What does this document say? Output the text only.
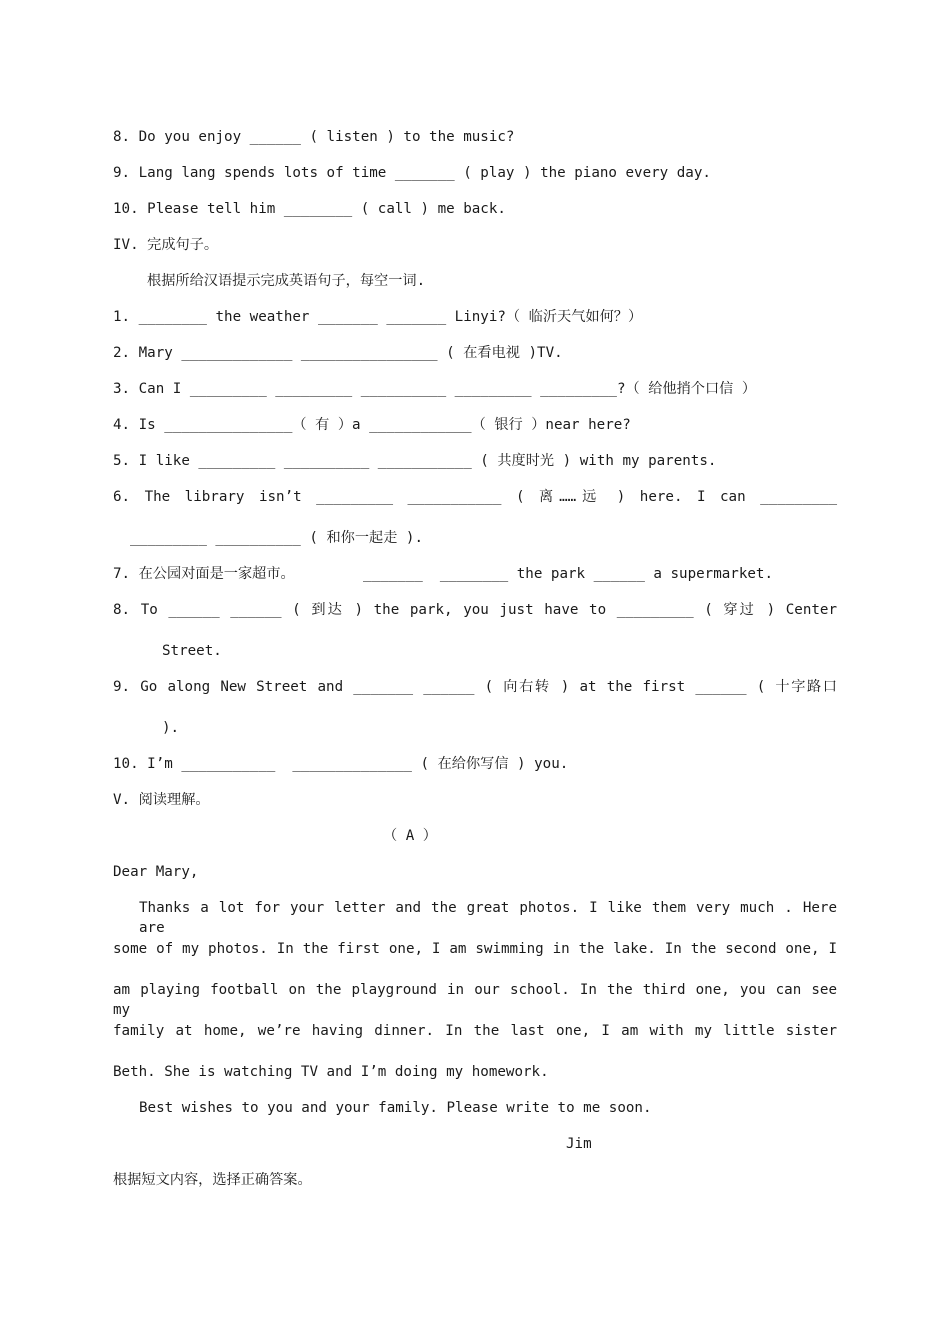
8. Do you enjoy ______ ( listen ) to the music?
9. Lang lang spends lots of time _______ ( play ) the piano every day.
10. Please tell him ________ ( call ) me back.
IV. 完成句子。
根据所给汉语提示完成英语句子，每空一词.
1. ________ the weather _______ _______ Linyi?（ 临沂天气如何？）
2. Mary _____________ ________________ ( 在看电视 )TV.
3. Can I _________ _________ __________ _________ _________?（ 给他捎个口信 ）
4. Is _______________（ 有 ）a ____________（ 银行 ）near here?
5. I like _________ __________ ___________ ( 共度时光 ) with my parents.
6. The library isn’t _________ ___________ ( 离……远 ) here. I can _________
_________ __________ ( 和你一起走 ).
7. 在公园对面是一家超市。        _______  ________ the park ______ a supermarket.
8. To ______ ______ ( 到达 ) the park, you just have to _________ ( 穿过 ) Center
Street.
9. Go along New Street and _______ ______ ( 向右转 ) at the first ______ ( 十字路口
).
10. I’m ___________  ______________ ( 在给你写信 ) you.
V. 阅读理解。
（ A ）
Dear Mary,
Thanks a lot for your letter and the great photos. I like them very much . Here are
some of my photos. In the first one, I am swimming in the lake. In the second one, I
am playing football on the playground in our school. In the third one, you can see my
family at home, we’re having dinner. In the last one, I am with my little sister
Beth. She is watching TV and I’m doing my homework.
Best wishes to you and your family. Please write to me soon.
Jim
根据短文内容，选择正确答案。
